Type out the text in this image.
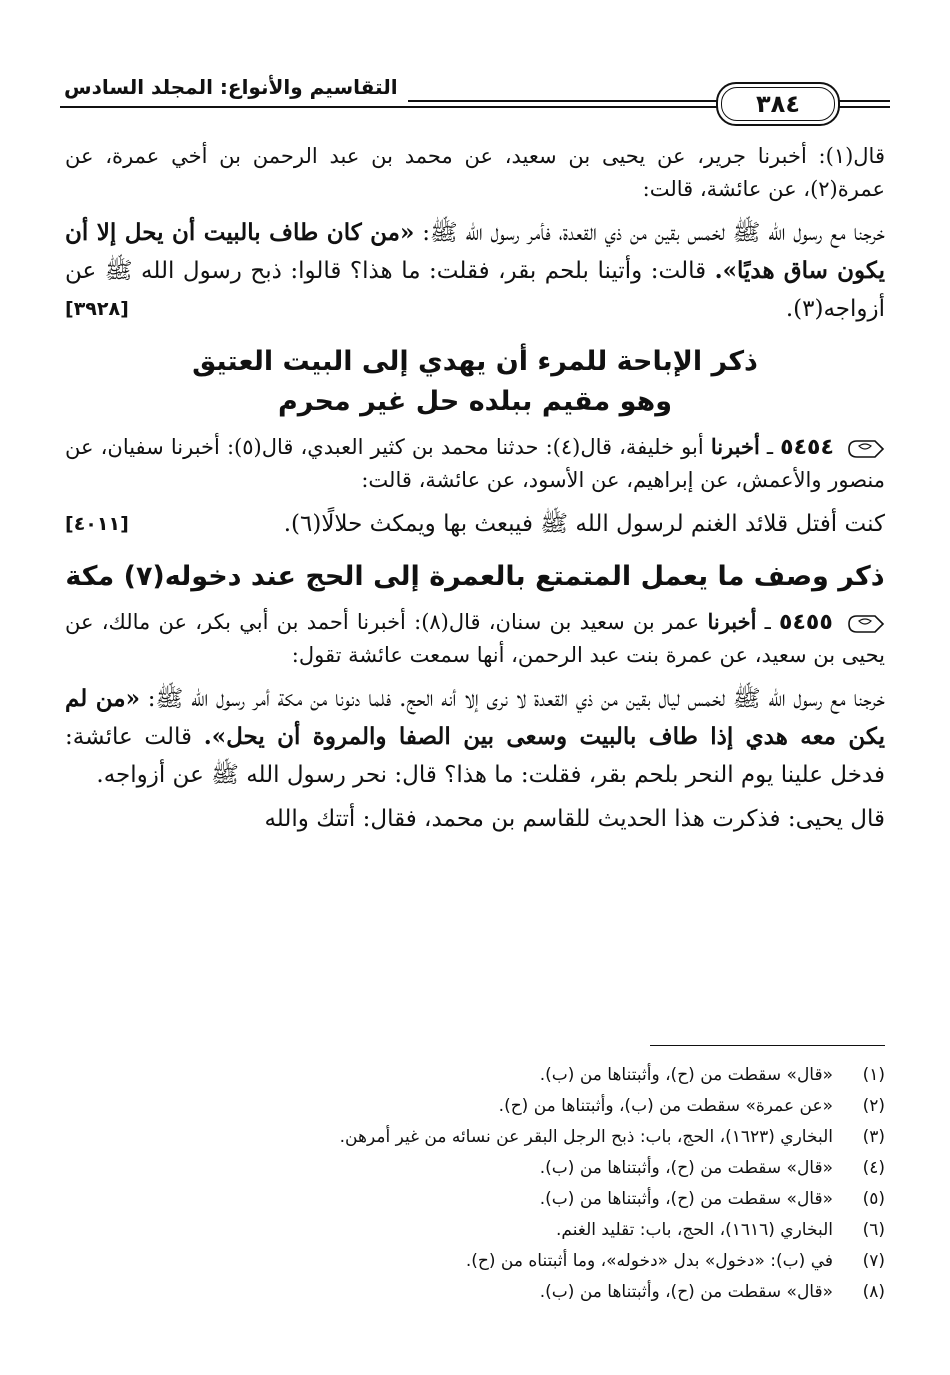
٣٨٤
التقاسيم والأنواع: المجلد السادس

قال(١): أخبرنا جرير، عن يحيى بن سعيد، عن محمد بن عبد الرحمن بن أخي عمرة، عن عمرة(٢)، عن عائشة، قالت:

خرجنا مع رسول الله ﷺ لخمس بقين من ذي القعدة، فأمر رسول الله ﷺ: «من كان طاف بالبيت أن يحل إلا أن يكون ساق هديًا». قالت: وأتينا بلحم بقر، فقلت: ما هذا؟ قالوا: ذبح رسول الله ﷺ عن أزواجه(٣).
[٣٩٢٨]

ذكر الإباحة للمرء أن يهدي إلى البيت العتيق
وهو مقيم ببلده حل غير محرم

٥٤٥٤ ـ أخبرنا أبو خليفة، قال(٤): حدثنا محمد بن كثير العبدي، قال(٥): أخبرنا سفيان، عن منصور والأعمش، عن إبراهيم، عن الأسود، عن عائشة، قالت:

كنت أفتل قلائد الغنم لرسول الله ﷺ فيبعث بها ويمكث حلالًا(٦).
[٤٠١١]

ذكر وصف ما يعمل المتمتع بالعمرة إلى الحج عند دخوله(٧) مكة

٥٤٥٥ ـ أخبرنا عمر بن سعيد بن سنان، قال(٨): أخبرنا أحمد بن أبي بكر، عن مالك، عن يحيى بن سعيد، عن عمرة بنت عبد الرحمن، أنها سمعت عائشة تقول:

خرجنا مع رسول الله ﷺ لخمس ليال بقين من ذي القعدة لا نرى إلا أنه الحج. فلما دنونا من مكة أمر رسول الله ﷺ: «من لم يكن معه هدي إذا طاف بالبيت وسعى بين الصفا والمروة أن يحل». قالت عائشة: فدخل علينا يوم النحر بلحم بقر، فقلت: ما هذا؟ قال: نحر رسول الله ﷺ عن أزواجه.

قال يحيى: فذكرت هذا الحديث للقاسم بن محمد، فقال: أتتك والله

(١)
«قال» سقطت من (ح)، وأثبتناها من (ب).
(٢)
«عن عمرة» سقطت من (ب)، وأثبتناها من (ح).
(٣)
البخاري (١٦٢٣)، الحج، باب: ذبح الرجل البقر عن نسائه من غير أمرهن.
(٤)
«قال» سقطت من (ح)، وأثبتناها من (ب).
(٥)
«قال» سقطت من (ح)، وأثبتناها من (ب).
(٦)
البخاري (١٦١٦)، الحج، باب: تقليد الغنم.
(٧)
في (ب): «دخول» بدل «دخوله»، وما أثبتناه من (ح).
(٨)
«قال» سقطت من (ح)، وأثبتناها من (ب).
